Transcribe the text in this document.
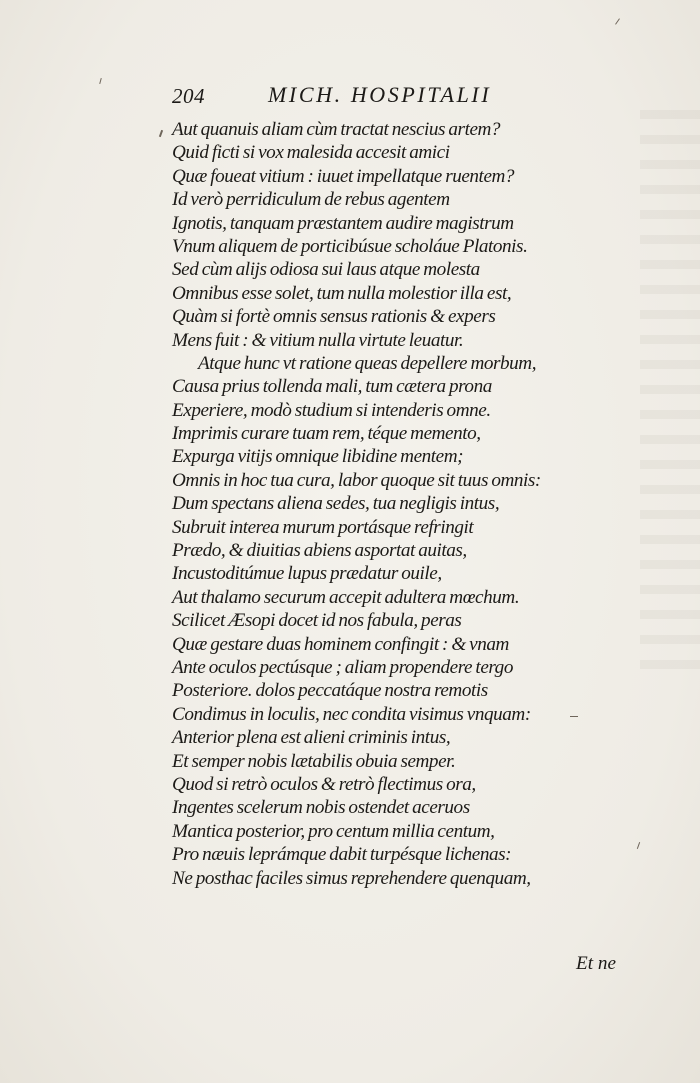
204	MICH. HOSPITALII
Aut quanuis aliam cùm tractat nescius artem?
Quid ficti si vox malesida accesit amici
Quæ foueat vitium : iuuet impellatque ruentem?
Id verò perridiculum de rebus agentem
Ignotis, tanquam præstantem audire magistrum
Vnum aliquem de porticibúsue scholáue Platonis.
Sed cùm alijs odiosa sui laus atque molesta
Omnibus esse solet, tum nulla molestior illa est,
Quàm si fortè omnis sensus rationis & expers
Mens fuit : & vitium nulla virtute leuatur.
Atque hunc vt ratione queas depellere morbum,
Causa prius tollenda mali, tum cætera prona
Experiere, modò studium si intenderis omne.
Imprimis curare tuam rem, téque memento,
Expurga vitijs omnique libidine mentem;
Omnis in hoc tua cura, labor quoque sit tuus omnis:
Dum spectans aliena sedes, tua negligis intus,
Subruit interea murum portásque refringit
Prædo, & diuitias abiens asportat auitas,
Incustoditúmue lupus prædatur ouile,
Aut thalamo securum accepit adultera mœchum.
Scilicet Æsopi docet id nos fabula, peras
Quæ gestare duas hominem confingit : & vnam
Ante oculos pectúsque ; aliam propendere tergo
Posteriore. dolos peccatáque nostra remotis
Condimus in loculis, nec condita visimus vnquam:
Anterior plena est alieni criminis intus,
Et semper nobis lætabilis obuia semper.
Quod si retrò oculos & retrò flectimus ora,
Ingentes scelerum nobis ostendet aceruos
Mantica posterior, pro centum millia centum,
Pro næuis leprámque dabit turpésque lichenas:
Ne posthac faciles simus reprehendere quenquam,
Et ne
